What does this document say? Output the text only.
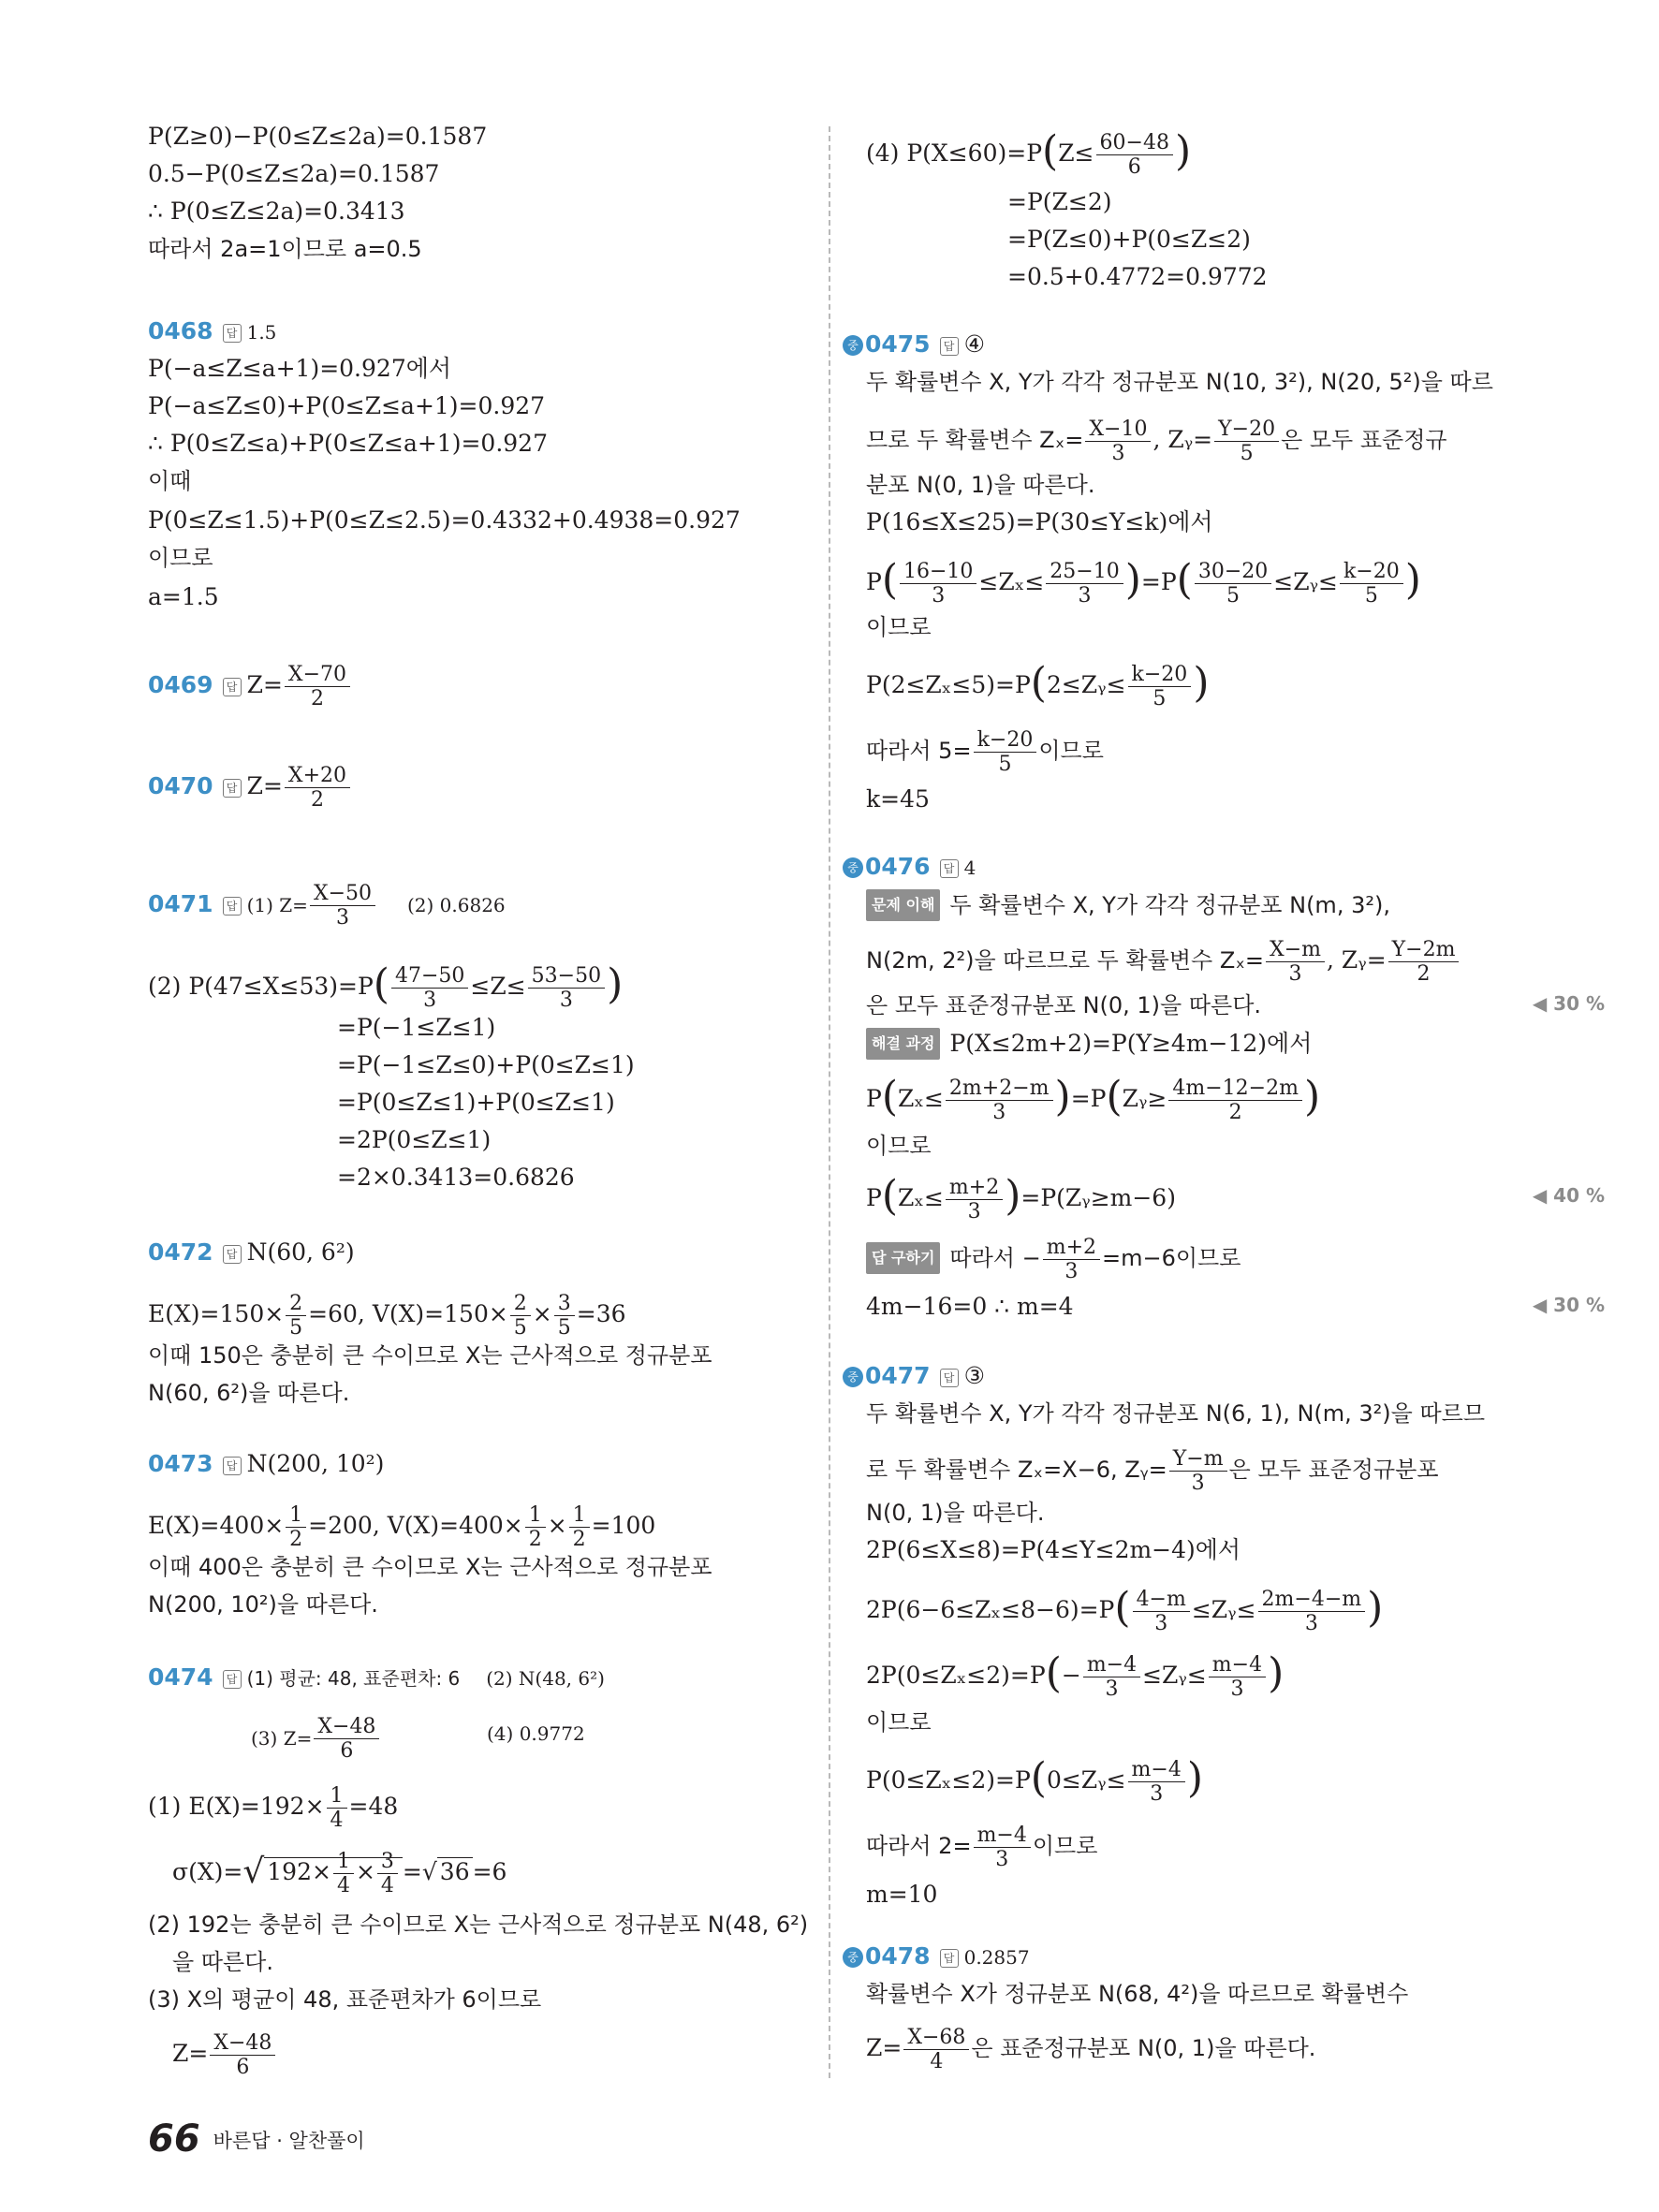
P(Z≥0)−P(0≤Z≤2a)=0.1587
0.5−P(0≤Z≤2a)=0.1587
∴ P(0≤Z≤2a)=0.3413
따라서 2a=1이므로 a=0.5
0468 답 1.5
P(−a≤Z≤a+1)=0.927에서
P(−a≤Z≤0)+P(0≤Z≤a+1)=0.927
∴ P(0≤Z≤a)+P(0≤Z≤a+1)=0.927
이때
P(0≤Z≤1.5)+P(0≤Z≤2.5)=0.4332+0.4938=0.927
이므로
a=1.5
0469 답 $Z= \frac{X-70}{2}$
0470 답 $Z= \frac{X+20}{2}$
0471 답 (1) $Z= \frac{X-50}{3} (2)$ 0.6826
(2) $P(47\le X\le 53)=P( \frac{47-50}{3} \le Z\le \frac{53-50}{3}$ )
=P(−1≤Z≤1)
=P(−1≤Z≤0)+P(0≤Z≤1)
=P(0≤Z≤1)+P(0≤Z≤1)
=2P(0≤Z≤1)
=2×0.3413=0.6826
0472 답 N(60, 6²)
$E(X)=150\times \frac{2}{5} =60$, $V(X)=150\times \frac{2}{5} \times \frac{3}{5} =36$
이때 150은 충분히 큰 수이므로 X는 근사적으로 정규분포
N(60, 6²)을 따른다.
0473 답 N(200, 10²)
$E(X)=400\times \frac{1}{2} =200$, $V(X)=400\times \frac{1}{2} \times \frac{1}{2} =100$
이때 400은 충분히 큰 수이므로 X는 근사적으로 정규분포
N(200, 10²)을 따른다.
0474 답 (1) 평균: 48, 표준편차: 6 (2) N(48, 6²)
(3) $Z= \frac{X-48}{6}$	(4) 0.9772
(1) $E(X)=192\times \frac{1}{4} =48$
σ(X)=√ $192\times \frac{1}{4} \times \frac{3}{4}$ =√ 36 =6
(2) 192는 충분히 큰 수이므로 X는 근사적으로 정규분포 N(48, 6²)
을 따른다.
(3) X의 평균이 48, 표준편차가 6이므로
$Z= \frac{X-48}{6}$
(4) $P(X\le 60)=P(Z\le \frac{60-48}{6}$ )
=P(Z≤2)
=P(Z≤0)+P(0≤Z≤2)
=0.5+0.4772=0.9772
중 0475 답 ④
두 확률변수 X, Y가 각각 정규분포 N(10, 3²), N(20, 5²)을 따르
므로 두 확률변수 $Z_x= \frac{X-10}{3}$ , Zᵧ= $\frac{Y-20}{5}$ 은 모두 표준정규
분포 N(0, 1)을 따른다.
P(16≤X≤25)=P(30≤Y≤k)에서
$P( \frac{16-10}{3} \le Z_x\le \frac{25-10}{3} )=P( \frac{30-20}{5}$ ≤Zᵧ≤ $\frac{k-20}{5}$ )
이므로
P(2≤Zₓ≤5)=P(2≤Zᵧ≤ $\frac{k-20}{5}$ )
따라서 $5= \frac{k-20}{5}$ 이므로
k=45
중 0476 답 4
문제 이해 두 확률변수 X, Y가 각각 정규분포 N(m, 3²),
N(2m, 2²)을 따르므로 두 확률변수 $Z_x= \frac{X-m}{3}$ , Zᵧ= $\frac{Y-2m}{2}$
은 모두 표준정규분포 N(0, 1)을 따른다.	◀ 30 %
해결 과정 P(X≤2m+2)=P(Y≥4m−12)에서
$P(Z_x\le \frac{2m+2-m}{3}$ )=P(Zᵧ≥ $\frac{4m-12-2m}{2}$ )
이므로
$P(Z_x\le \frac{m+2}{3}$ )=P(Zᵧ≥m−6)	◀ 40 %
답 구하기 따라서 − $\frac{m+2}{3} =m-6$이므로
4m−16=0 ∴ m=4	◀ 30 %
중 0477 답 ③
두 확률변수 X, Y가 각각 정규분포 N(6, 1), N(m, 3²)을 따르므
로 두 확률변수 Zₓ=X−6, Zᵧ= $\frac{Y-m}{3}$ 은 모두 표준정규분포
N(0, 1)을 따른다.
2P(6≤X≤8)=P(4≤Y≤2m−4)에서
$2P(6-6\le Z_x\le 8-6)=P( \frac{4-m}{3}$ ≤Zᵧ≤ $\frac{2m-4-m}{3}$ )
$2P(0\le Z_x\le 2)=P(- \frac{m-4}{3}$ ≤Zᵧ≤ $\frac{m-4}{3}$ )
이므로
P(0≤Zₓ≤2)=P(0≤Zᵧ≤ $\frac{m-4}{3}$ )
따라서 $2= \frac{m-4}{3}$ 이므로
m=10
중 0478 답 0.2857
확률변수 X가 정규분포 N(68, 4²)을 따르므로 확률변수
$Z= \frac{X-68}{4}$ 은 표준정규분포 N(0, 1)을 따른다.
66 바른답 · 알찬풀이
